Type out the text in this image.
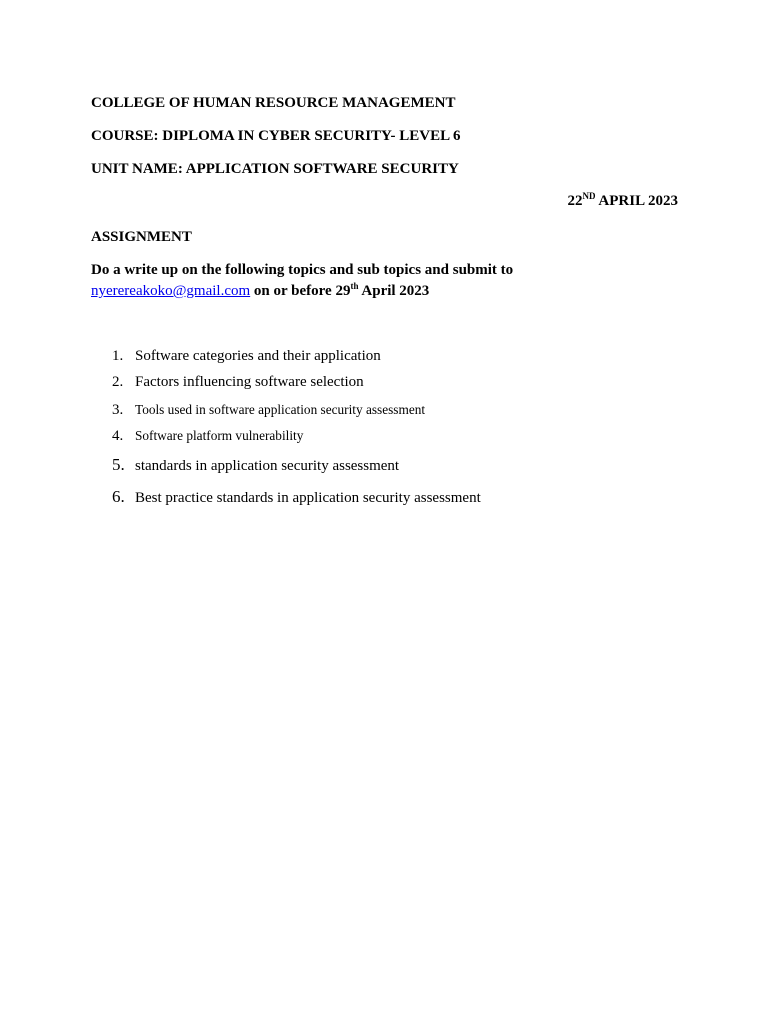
COLLEGE OF HUMAN RESOURCE MANAGEMENT
COURSE: DIPLOMA IN CYBER SECURITY- LEVEL 6
UNIT NAME: APPLICATION SOFTWARE SECURITY
22ND APRIL 2023
ASSIGNMENT
Do a write up on the following topics and sub topics and submit to
nyerereakoko@gmail.com on or before 29th April 2023
1.Software categories and their application
2. Factors influencing software selection
3. Tools used in software application security assessment
4. Software platform vulnerability
5. standards in application security assessment
6. Best practice standards in application security assessment
